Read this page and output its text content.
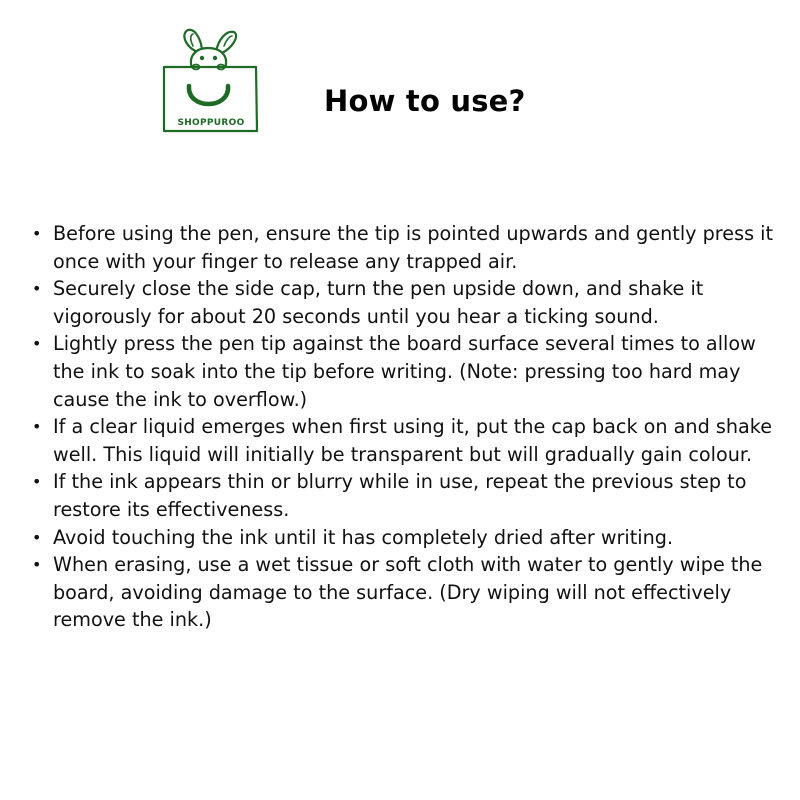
SHOPPUROO
How to use?
• Before using the pen, ensure the tip is pointed upwards and gently press it once with your finger to release any trapped air.
• Securely close the side cap, turn the pen upside down, and shake it vigorously for about 20 seconds until you hear a ticking sound.
• Lightly press the pen tip against the board surface several times to allow the ink to soak into the tip before writing. (Note: pressing too hard may cause the ink to overflow.)
• If a clear liquid emerges when first using it, put the cap back on and shake well. This liquid will initially be transparent but will gradually gain colour.
• If the ink appears thin or blurry while in use, repeat the previous step to restore its effectiveness.
• Avoid touching the ink until it has completely dried after writing.
• When erasing, use a wet tissue or soft cloth with water to gently wipe the board, avoiding damage to the surface. (Dry wiping will not effectively remove the ink.)
